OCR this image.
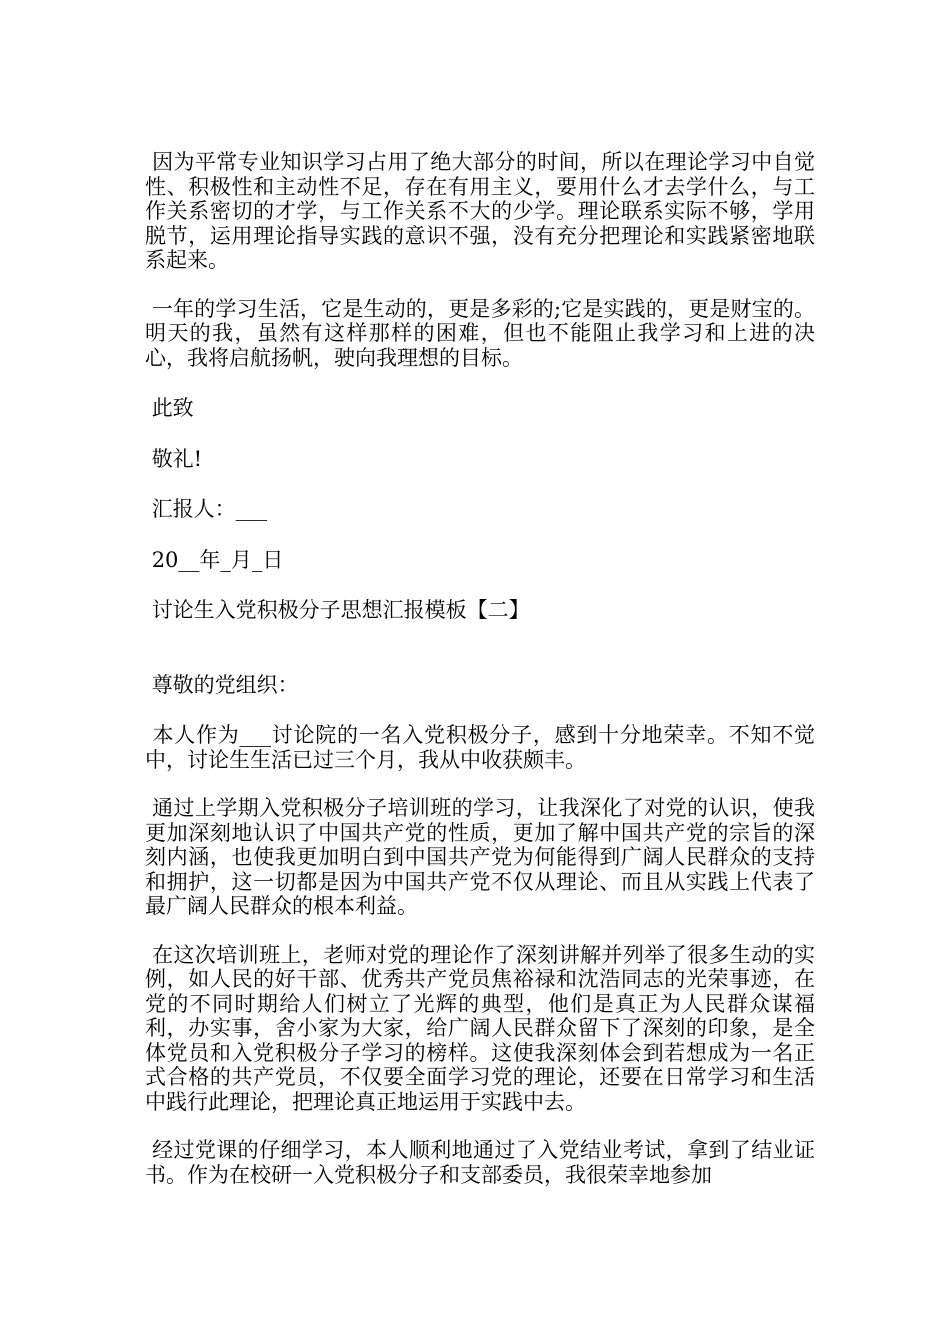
因为平常专业知识学习占用了绝大部分的时间，所以在理论学习中自觉性、积极性和主动性不足，存在有用主义，要用什么才去学什么，与工作关系密切的才学，与工作关系不大的少学。理论联系实际不够，学用脱节，运用理论指导实践的意识不强，没有充分把理论和实践紧密地联系起来。

一年的学习生活，它是生动的，更是多彩的;它是实践的，更是财宝的。明天的我，虽然有这样那样的困难，但也不能阻止我学习和上进的决心，我将启航扬帆，驶向我理想的目标。

此致

敬礼!

汇报人：___

20__年_月_日

讨论生入党积极分子思想汇报模板【二】

尊敬的党组织：

本人作为___讨论院的一名入党积极分子，感到十分地荣幸。不知不觉中，讨论生生活已过三个月，我从中收获颇丰。

通过上学期入党积极分子培训班的学习，让我深化了对党的认识，使我更加深刻地认识了中国共产党的性质，更加了解中国共产党的宗旨的深刻内涵，也使我更加明白到中国共产党为何能得到广阔人民群众的支持和拥护，这一切都是因为中国共产党不仅从理论、而且从实践上代表了最广阔人民群众的根本利益。

在这次培训班上，老师对党的理论作了深刻讲解并列举了很多生动的实例，如人民的好干部、优秀共产党员焦裕禄和沈浩同志的光荣事迹，在党的不同时期给人们树立了光辉的典型，他们是真正为人民群众谋福利，办实事，舍小家为大家，给广阔人民群众留下了深刻的印象，是全体党员和入党积极分子学习的榜样。这使我深刻体会到若想成为一名正式合格的共产党员，不仅要全面学习党的理论，还要在日常学习和生活中践行此理论，把理论真正地运用于实践中去。

经过党课的仔细学习，本人顺利地通过了入党结业考试，拿到了结业证书。作为在校研一入党积极分子和支部委员，我很荣幸地参加
